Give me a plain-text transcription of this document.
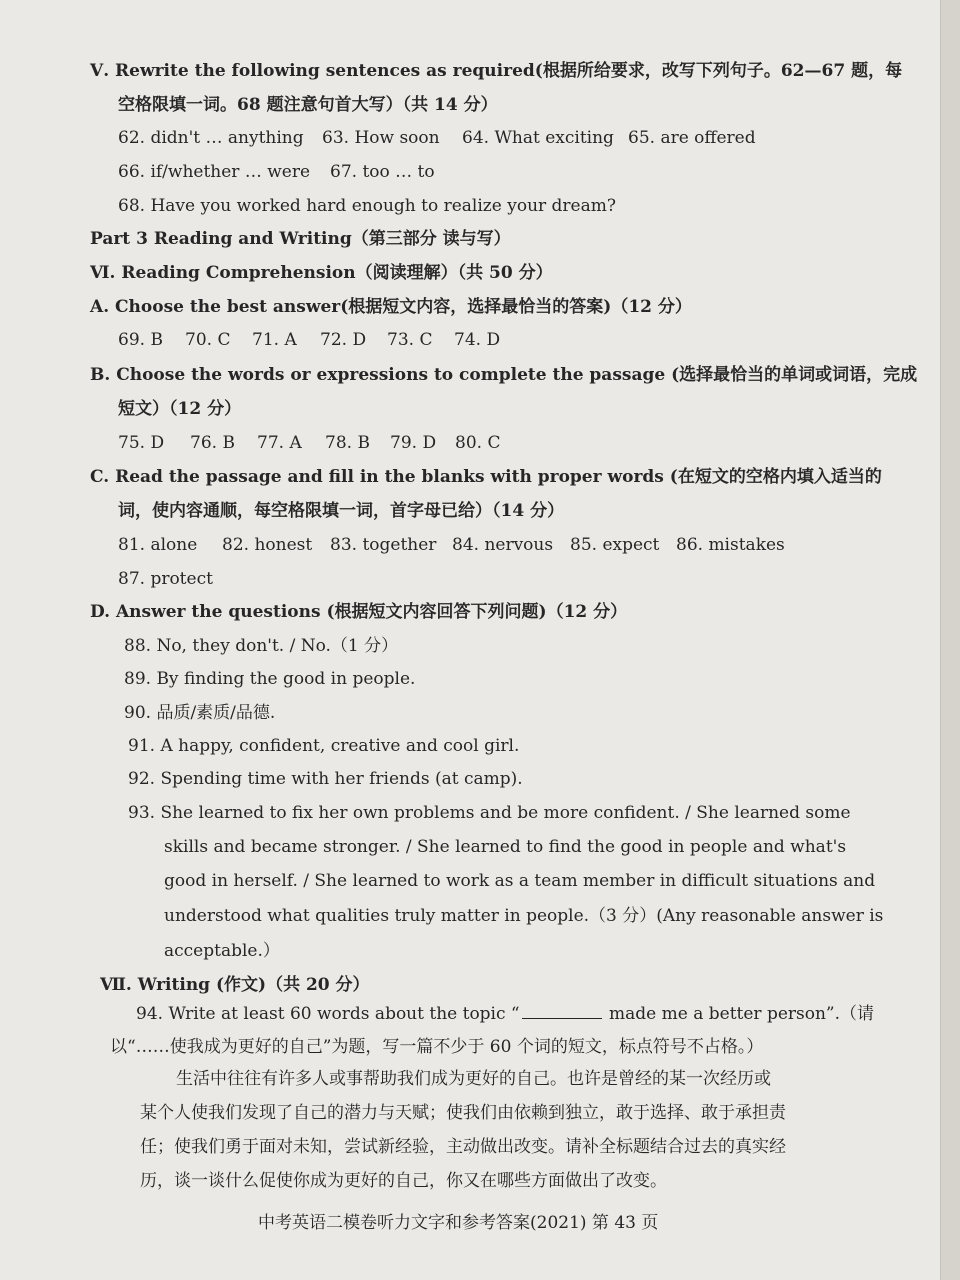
Ⅴ. Rewrite the following sentences as required(根据所给要求，改写下列句子。62—67 题，每
空格限填一词。68 题注意句首大写）（共 14 分）
62. didn't … anything 63. How soon 64. What exciting 65. are offered
66. if/whether … were 67. too … to
68. Have you worked hard enough to realize your dream?
Part 3 Reading and Writing（第三部分 读与写）
Ⅵ. Reading Comprehension（阅读理解）（共 50 分）
A. Choose the best answer(根据短文内容，选择最恰当的答案)（12 分）
69. B 70. C 71. A 72. D 73. C 74. D
B. Choose the words or expressions to complete the passage (选择最恰当的单词或词语，完成
短文）（12 分）
75. D 76. B 77. A 78. B 79. D 80. C
C. Read the passage and fill in the blanks with proper words (在短文的空格内填入适当的
词，使内容通顺，每空格限填一词，首字母已给）（14 分）
81. alone 82. honest 83. together 84. nervous 85. expect 86. mistakes
87. protect
D. Answer the questions (根据短文内容回答下列问题)（12 分）
88. No, they don't. / No.（1 分）
89. By finding the good in people.
90. 品质/素质/品德.
91. A happy, confident, creative and cool girl.
92. Spending time with her friends (at camp).
93. She learned to fix her own problems and be more confident. / She learned some
skills and became stronger. / She learned to find the good in people and what's
good in herself. / She learned to work as a team member in difficult situations and
understood what qualities truly matter in people.（3 分）(Any reasonable answer is
acceptable.）
Ⅶ. Writing (作文)（共 20 分）
94. Write at least 60 words about the topic “	made me a better person”.（请
以“……使我成为更好的自己”为题，写一篇不少于 60 个词的短文，标点符号不占格。）
生活中往往有许多人或事帮助我们成为更好的自己。也许是曾经的某一次经历或
某个人使我们发现了自己的潜力与天赋；使我们由依赖到独立，敢于选择、敢于承担责
任；使我们勇于面对未知，尝试新经验，主动做出改变。请补全标题结合过去的真实经
历，谈一谈什么促使你成为更好的自己，你又在哪些方面做出了改变。
中考英语二模卷听力文字和参考答案(2021) 第 43 页
